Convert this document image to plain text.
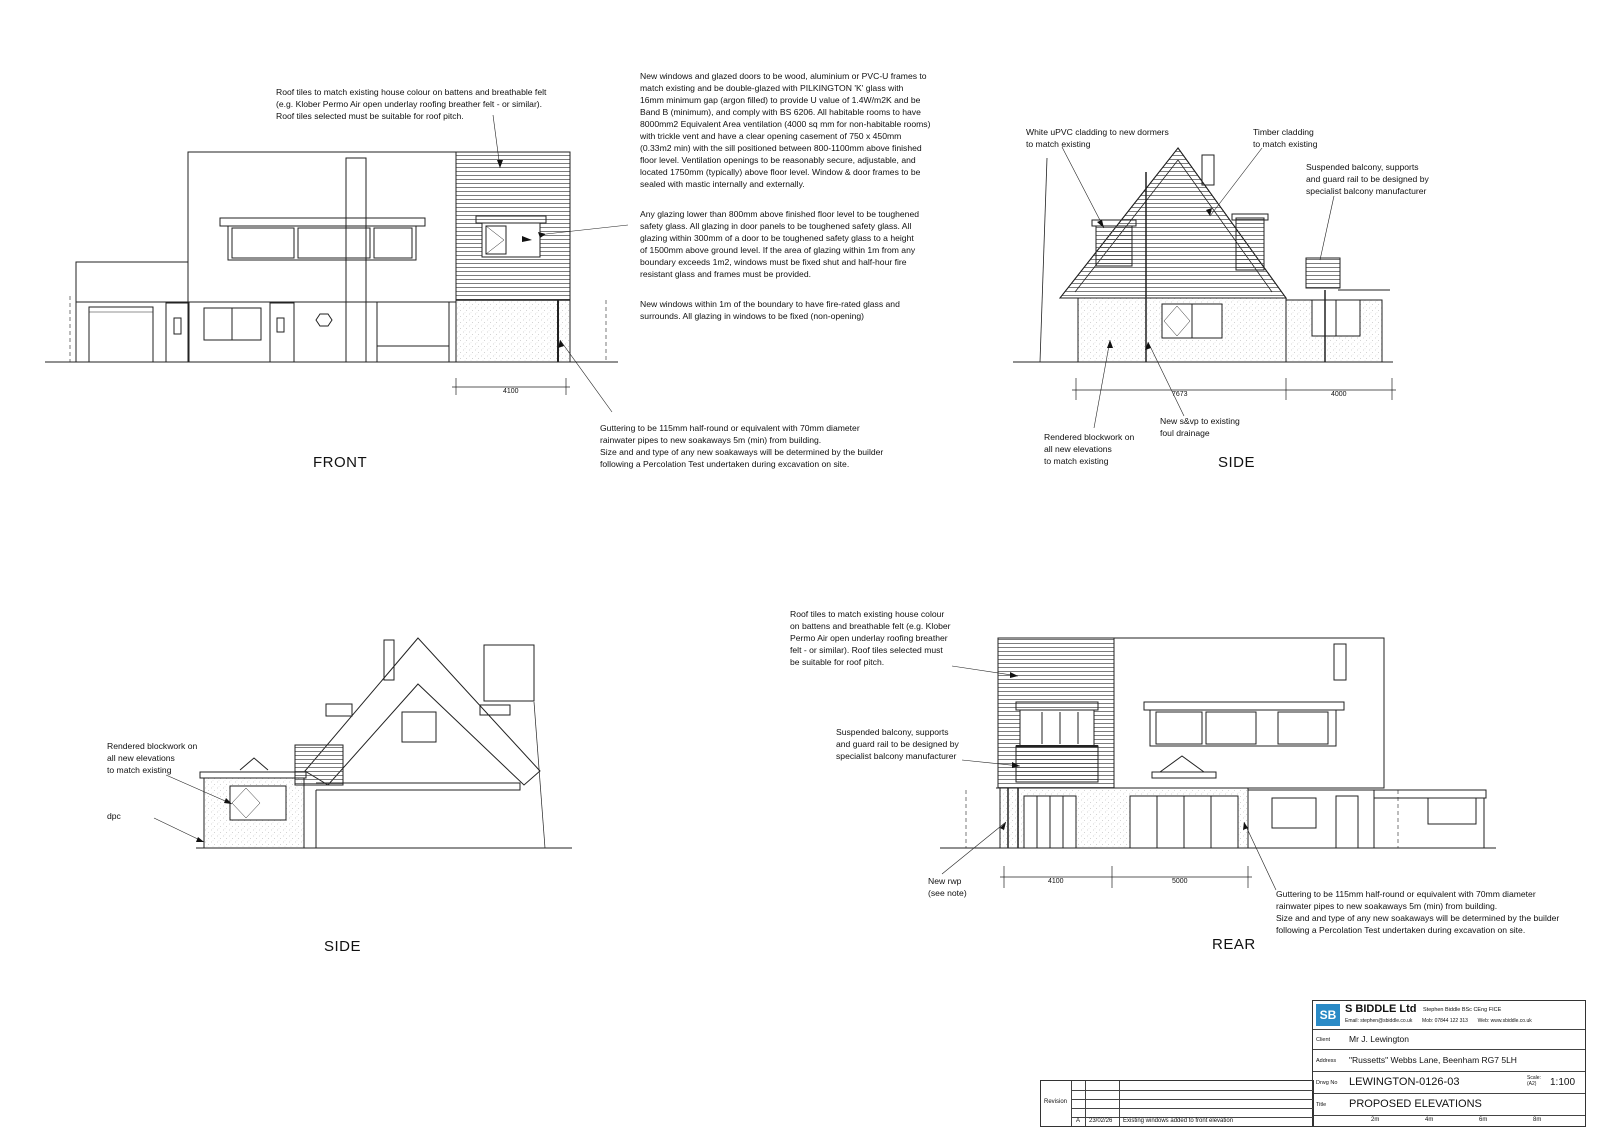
Roof tiles to match existing house colour on battens and breathable felt
(e.g. Klober Permo Air open underlay roofing breather felt - or similar).
Roof tiles selected must be suitable for roof pitch.

New windows and glazed doors to be wood, aluminium or PVC-U frames to
match existing and be double-glazed with PILKINGTON 'K' glass with
16mm minimum gap (argon filled) to provide U value of 1.4W/m2K and be
Band B (minimum), and comply with BS 6206. All habitable rooms to have
8000mm2 Equivalent Area ventilation (4000 sq mm for non-habitable rooms)
with trickle vent and have a clear opening casement of 750 x 450mm
(0.33m2 min) with the sill positioned between 800-1100mm above finished
floor level. Ventilation openings to be reasonably secure, adjustable, and
located 1750mm (typically) above floor level. Window & door frames to be
sealed with mastic internally and externally.

Any glazing lower than 800mm above finished floor level to be toughened
safety glass. All glazing in door panels to be toughened safety glass. All
glazing within 300mm of a door to be toughened safety glass to a height
of 1500mm above ground level. If the area of glazing within 1m from any
boundary exceeds 1m2, windows must be fixed shut and half-hour fire
resistant glass and frames must be provided.

New windows within 1m of the boundary to have fire-rated glass and
surrounds. All glazing in windows to be fixed (non-opening)

Guttering to be 115mm half-round or equivalent with 70mm diameter
rainwater pipes to new soakaways 5m (min) from building.
Size and and type of any new soakaways will be determined by the builder
following a Percolation Test undertaken during excavation on site.
White uPVC cladding to new dormers
to match existing
Timber cladding
to match existing
Suspended balcony, supports
and guard rail to be designed by
specialist balcony manufacturer
Rendered blockwork on
all new elevations
to match existing
New s&vp to existing
foul drainage
Rendered blockwork on
all new elevations
to match existing
dpc
Roof tiles to match existing house colour
on battens and breathable felt (e.g. Klober
Permo Air open underlay roofing breather
felt - or similar). Roof tiles selected must
be suitable for roof pitch.
Suspended balcony, supports
and guard rail to be designed by
specialist balcony manufacturer
New rwp
(see note)	Guttering to be 115mm half-round or equivalent with 70mm diameter
rainwater pipes to new soakaways 5m (min) from building.
Size and and type of any new soakaways will be determined by the builder
following a Percolation Test undertaken during excavation on site.
4100	7673	4000
4100	5000
FRONT	SIDE
SIDE	REAR
SB S BIDDLE Ltd Stephen Biddle BSc CEng FICE
Email: stephen@sbiddle.co.uk       Mob: 07844 122 313       Web: www.sbiddle.co.uk
Client Mr J. Lewington
Address "Russetts" Webbs Lane, Beenham RG7 5LH
Drwg No LEWINGTON-0126-03	Scale:
(A2)	1:100
Title PROPOSED ELEVATIONS
2m	4m	6m	8m
Revision
A 23/02/26 Existing windows added to front elevation
